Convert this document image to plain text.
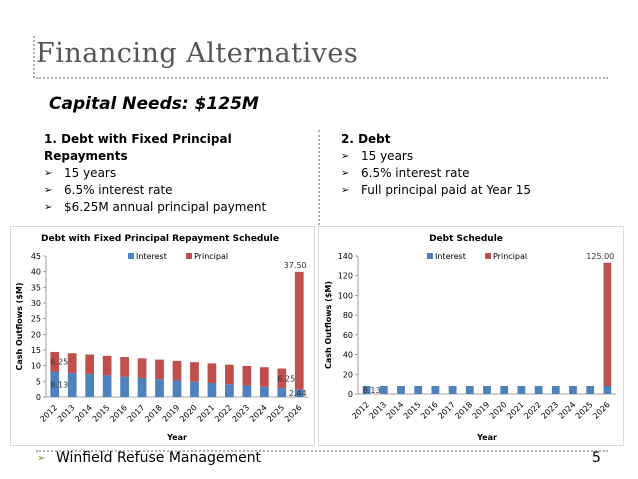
Financing Alternatives
Capital Needs: $125M
1. Debt with Fixed Principal
Repayments
➢ 15 years
➢ 6.5% interest rate
➢ $6.25M annual principal payment
2. Debt
➢ 15 years
➢ 6.5% interest rate
➢ Full principal paid at Year 15
Debt with Fixed Principal Repayment Schedule
0
5
10
15
20
25
30
35
40
45
Cash Outflows ($M)
Year
Interest	Principal
2012
2013
2014
2015
2016
2017
2018
2019
2020
2021
2022
2023
2024
2025
2026
8.13
6.25
6.25
2.44
37.50
Debt Schedule
0
20
40
60
80
100
120
140
Cash Outflows ($M)
Year
Interest	Principal
2012
2013
2014
2015
2016
2017
2018
2019
2020
2021
2022
2023
2024
2025
2026
8.13
125.00
➢ Winfield Refuse Management	5
